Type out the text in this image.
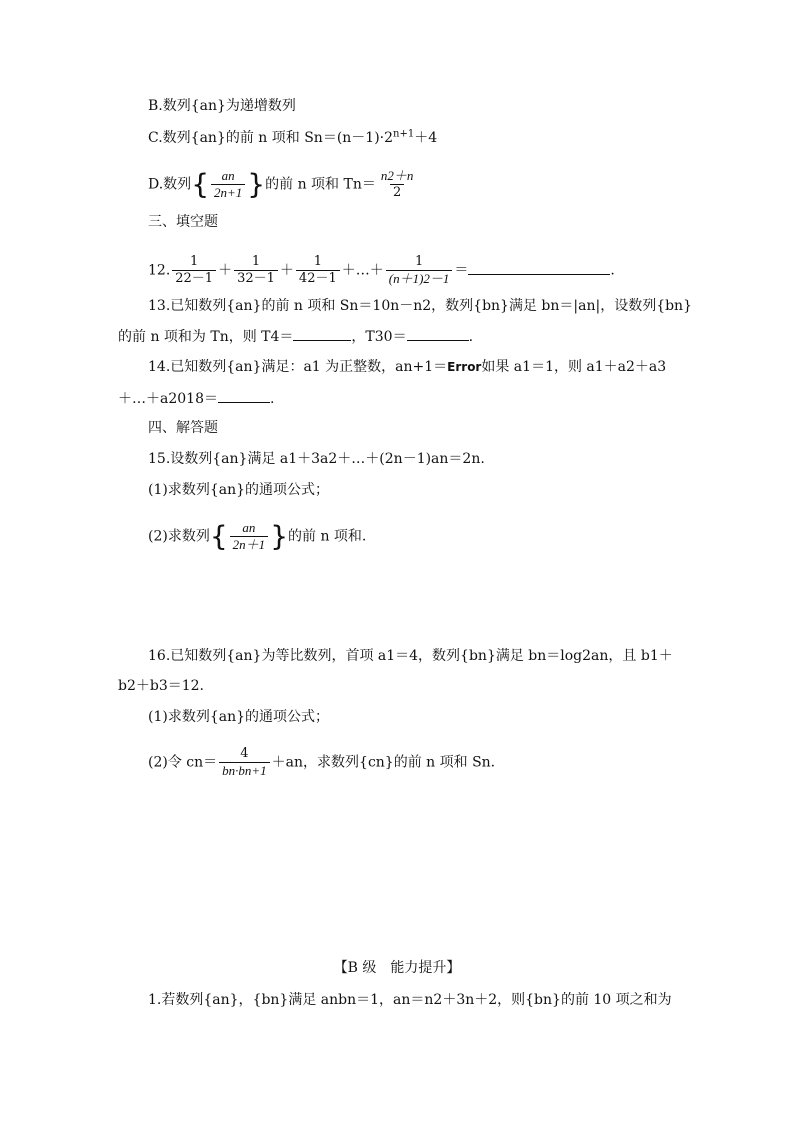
B.数列{an}为递增数列
C.数列{an}的前 n 项和 $Sn=(n-1)\cdot 2^{n+1}+4$
D.数列{ $\frac{an}{2n+1}$ }的前 n 项和 $Tn= \frac{n2+n}{2}$
三、填空题
12. $\frac{1}{22-1} + \frac{1}{32-1} + \frac{1}{42-1}$ ＋…＋ $\frac{1}{(n+1)2-1}$ ＝	.
13.已知数列{an}的前 n 项和 Sn＝10n－n2，数列{bn}满足 bn＝|an|，设数列{bn}
的前 n 项和为 Tn，则 T4＝	，T30＝	.
14.已知数列{an}满足：a1 为正整数，an+1＝Error如果 a1＝1，则 a1＋a2＋a3
＋…＋a2018＝	.
四、解答题
15.设数列{an}满足 a1＋3a2＋…＋(2n－1)an＝2n.
(1)求数列{an}的通项公式；
(2)求数列{ $\frac{an}{2n+1}$ }的前 n 项和.
16.已知数列{an}为等比数列，首项 a1＝4，数列{bn}满足 bn＝log2an，且 b1＋
b2＋b3＝12.
(1)求数列{an}的通项公式；
(2)令 $cn= \frac{4}{bn\cdot bn+1} +an$，求数列{cn}的前 n 项和 Sn.
【B 级　能力提升】
1.若数列{an}，{bn}满足 anbn＝1，an＝n2＋3n＋2，则{bn}的前 10 项之和为
